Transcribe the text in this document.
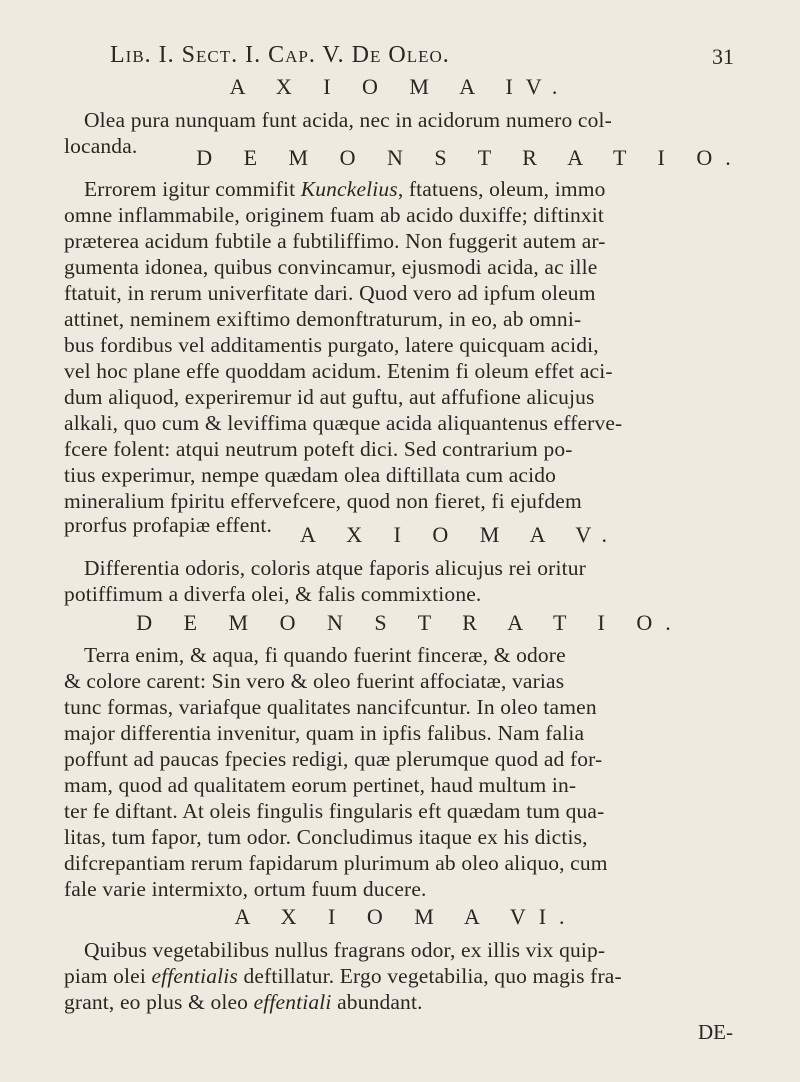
Lib. I. Sect. I. Cap. V. De Oleo.	31
A X I O M A IV.
Olea pura nunquam funt acida, nec in acidorum numero col-
locanda.	D E M O N S T R A T I O.
Errorem igitur commifit Kunckelius, ftatuens, oleum, immo
omne inflammabile, originem fuam ab acido duxiffe; diftinxit
præterea acidum fubtile a fubtiliffimo. Non fuggerit autem ar-
gumenta idonea, quibus convincamur, ejusmodi acida, ac ille
ftatuit, in rerum univerfitate dari. Quod vero ad ipfum oleum
attinet, neminem exiftimo demonftraturum, in eo, ab omni-
bus fordibus vel additamentis purgato, latere quicquam acidi,
vel hoc plane effe quoddam acidum. Etenim fi oleum effet aci-
dum aliquod, experiremur id aut guftu, aut affufione alicujus
alkali, quo cum & leviffima quæque acida aliquantenus efferve-
fcere folent: atqui neutrum poteft dici. Sed contrarium po-
tius experimur, nempe quædam olea diftillata cum acido
mineralium fpiritu effervefcere, quod non fieret, fi ejufdem
prorfus profapiæ effent.	A X I O M A V.
Differentia odoris, coloris atque faporis alicujus rei oritur
potiffimum a diverfa olei, & falis commixtione.
D E M O N S T R A T I O.
Terra enim, & aqua, fi quando fuerint finceræ, & odore
& colore carent: Sin vero & oleo fuerint affociatæ, varias
tunc formas, variafque qualitates nancifcuntur. In oleo tamen
major differentia invenitur, quam in ipfis falibus. Nam falia
poffunt ad paucas fpecies redigi, quæ plerumque quod ad for-
mam, quod ad qualitatem eorum pertinet, haud multum in-
ter fe diftant. At oleis fingulis fingularis eft quædam tum qua-
litas, tum fapor, tum odor. Concludimus itaque ex his dictis,
difcrepantiam rerum fapidarum plurimum ab oleo aliquo, cum
fale varie intermixto, ortum fuum ducere.
A X I O M A VI.
Quibus vegetabilibus nullus fragrans odor, ex illis vix quip-
piam olei effentialis deftillatur. Ergo vegetabilia, quo magis fra-
grant, eo plus & oleo effentiali abundant.
DE-
